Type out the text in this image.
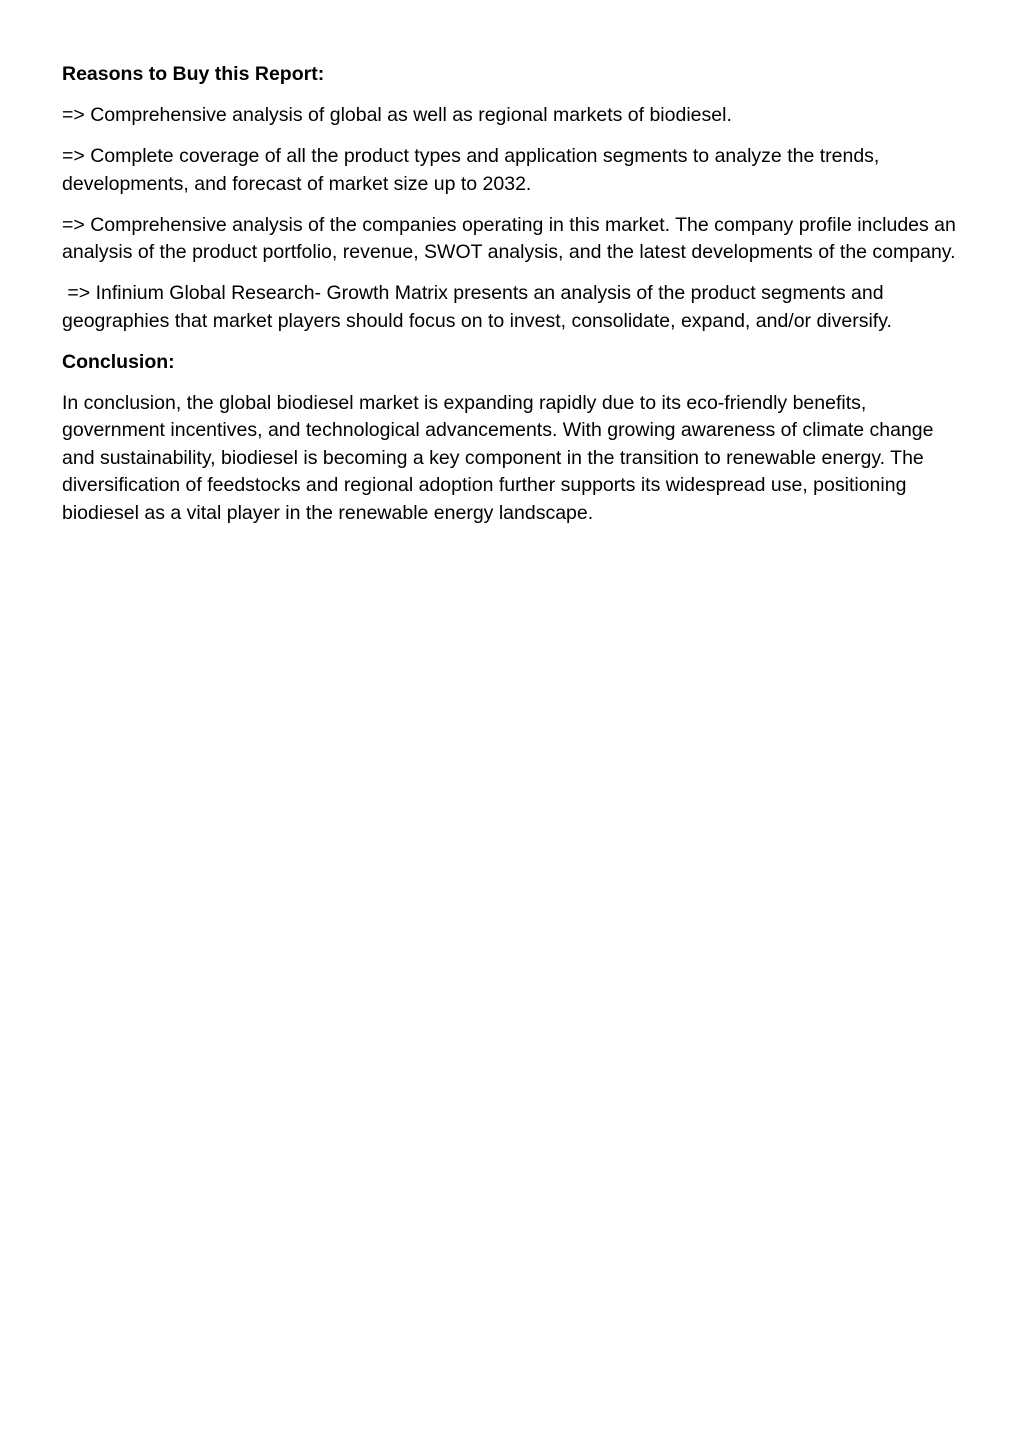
Reasons to Buy this Report:

=> Comprehensive analysis of global as well as regional markets of biodiesel.

=> Complete coverage of all the product types and application segments to analyze the trends, developments, and forecast of market size up to 2032.

=> Comprehensive analysis of the companies operating in this market. The company profile includes an analysis of the product portfolio, revenue, SWOT analysis, and the latest developments of the company.

=> Infinium Global Research- Growth Matrix presents an analysis of the product segments and geographies that market players should focus on to invest, consolidate, expand, and/or diversify.

Conclusion:

In conclusion, the global biodiesel market is expanding rapidly due to its eco-friendly benefits, government incentives, and technological advancements. With growing awareness of climate change and sustainability, biodiesel is becoming a key component in the transition to renewable energy. The diversification of feedstocks and regional adoption further supports its widespread use, positioning biodiesel as a vital player in the renewable energy landscape.
